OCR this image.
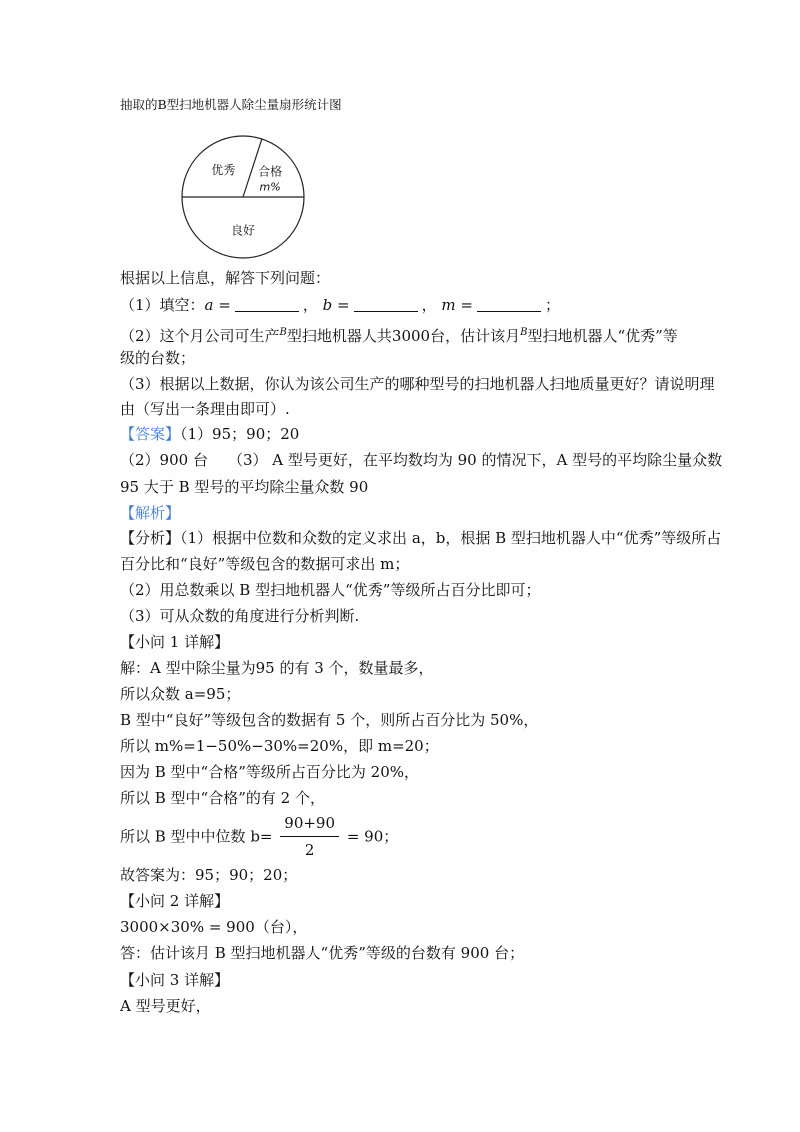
抽取的B型扫地机器人除尘量扇形统计图
合格
m%
优秀
良好
根据以上信息，解答下列问题：
（1）填空：a =	， b =	， m =	；
（2）这个月公司可生产$^B$型扫地机器人共3000台，估计该月$^B$型扫地机器人“优秀”等
级的台数；
（3）根据以上数据，你认为该公司生产的哪种型号的扫地机器人扫地质量更好？请说明理
由（写出一条理由即可）.
【答案】（1）95；90；20
（2）900 台 （3） A 型号更好，在平均数均为 90 的情况下，A 型号的平均除尘量众数
95 大于 B 型号的平均除尘量众数 90
【解析】
【分析】（1）根据中位数和众数的定义求出 a，b，根据 B 型扫地机器人中“优秀”等级所占
百分比和“良好”等级包含的数据可求出 m；
（2）用总数乘以 B 型扫地机器人“优秀”等级所占百分比即可；
（3）可从众数的角度进行分析判断.
【小问 1 详解】
解：A 型中除尘量为95 的有 3 个，数量最多，
所以众数 a=95；
B 型中“良好”等级包含的数据有 5 个，则所占百分比为 50%，
所以 m%=1−50%−30%=20%，即 m=20；
因为 B 型中“合格”等级所占百分比为 20%，
所以 B 型中“合格”的有 2 个，
所以 B 型中中位数 $b= \frac{90+90}{2} = 90$；
故答案为：95；90；20；
【小问 2 详解】
3000×30% = 900（台），
答：估计该月 B 型扫地机器人“优秀”等级的台数有 900 台；
【小问 3 详解】
A 型号更好，
